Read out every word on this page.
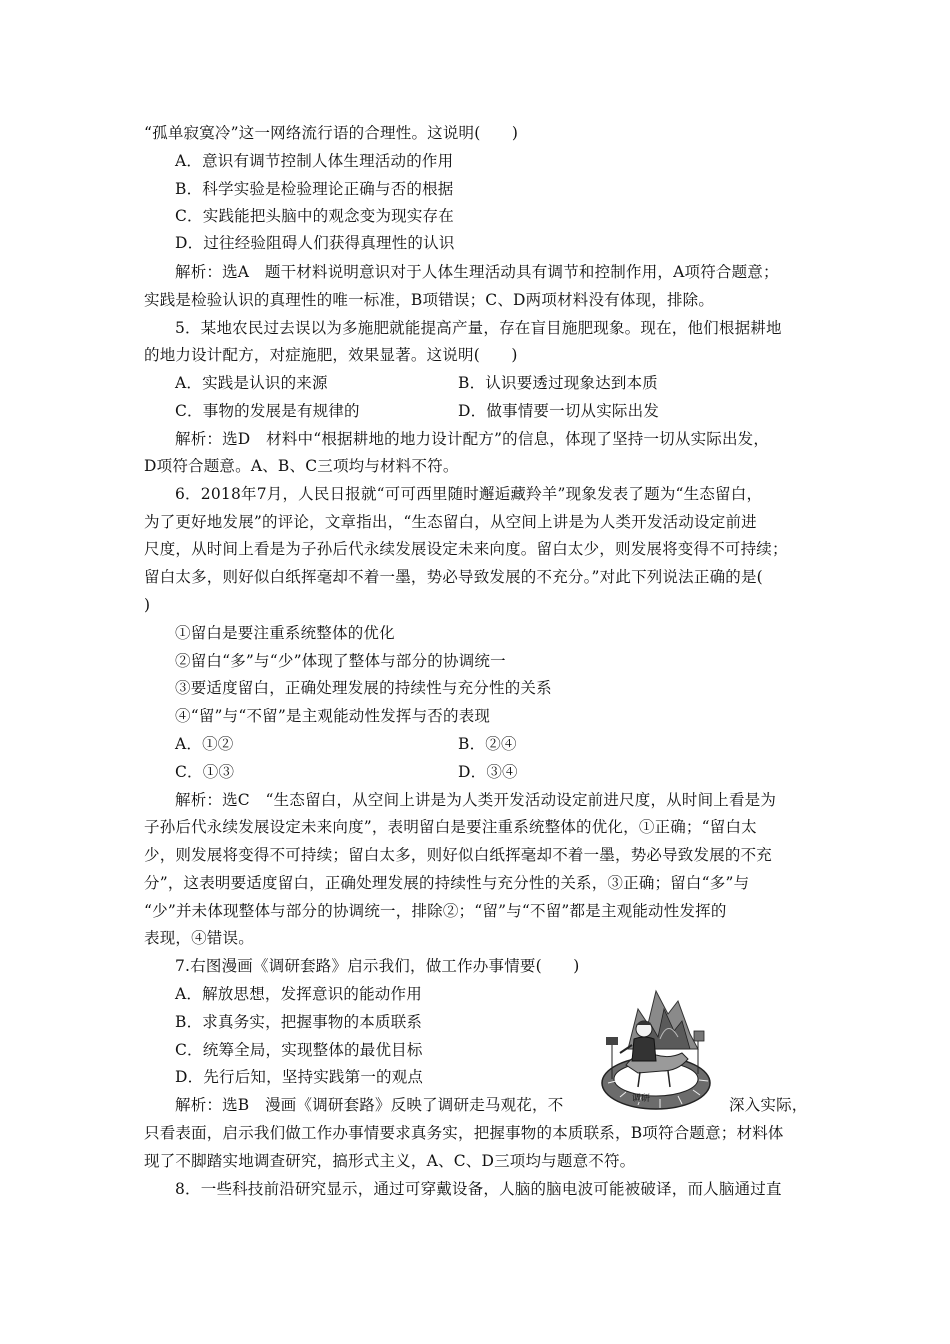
“孤单寂寞冷”这一网络流行语的合理性。这说明(　　)
A．意识有调节控制人体生理活动的作用
B．科学实验是检验理论正确与否的根据
C．实践能把头脑中的观念变为现实存在
D．过往经验阻碍人们获得真理性的认识
解析：选A　题干材料说明意识对于人体生理活动具有调节和控制作用，A项符合题意；
实践是检验认识的真理性的唯一标准，B项错误；C、D两项材料没有体现，排除。
5．某地农民过去误以为多施肥就能提高产量，存在盲目施肥现象。现在，他们根据耕地
的地力设计配方，对症施肥，效果显著。这说明(　　)
A．实践是认识的来源	B．认识要透过现象达到本质
C．事物的发展是有规律的	D．做事情要一切从实际出发
解析：选D　材料中“根据耕地的地力设计配方”的信息，体现了坚持一切从实际出发，
D项符合题意。A、B、C三项均与材料不符。
6．2018年7月，人民日报就“可可西里随时邂逅藏羚羊”现象发表了题为“生态留白，
为了更好地发展”的评论，文章指出，“生态留白，从空间上讲是为人类开发活动设定前进
尺度，从时间上看是为子孙后代永续发展设定未来向度。留白太少，则发展将变得不可持续；
留白太多，则好似白纸挥毫却不着一墨，势必导致发展的不充分。”对此下列说法正确的是(
)
①留白是要注重系统整体的优化
②留白“多”与“少”体现了整体与部分的协调统一
③要适度留白，正确处理发展的持续性与充分性的关系
④“留”与“不留”是主观能动性发挥与否的表现
A．①②	B．②④
C．①③	D．③④
解析：选C　“生态留白，从空间上讲是为人类开发活动设定前进尺度，从时间上看是为
子孙后代永续发展设定未来向度”，表明留白是要注重系统整体的优化，①正确；“留白太
少，则发展将变得不可持续；留白太多，则好似白纸挥毫却不着一墨，势必导致发展的不充
分”，这表明要适度留白，正确处理发展的持续性与充分性的关系，③正确；留白“多”与
“少”并未体现整体与部分的协调统一，排除②；“留”与“不留”都是主观能动性发挥的
表现，④错误。
7.右图漫画《调研套路》启示我们，做工作办事情要(　　)
A．解放思想，发挥意识的能动作用
B．求真务实，把握事物的本质联系
C．统筹全局，实现整体的最优目标
D．先行后知，坚持实践第一的观点
解析：选B　漫画《调研套路》反映了调研走马观花，不	深入实际，
只看表面，启示我们做工作办事情要求真务实，把握事物的本质联系，B项符合题意；材料体
现了不脚踏实地调查研究，搞形式主义，A、C、D三项均与题意不符。
8．一些科技前沿研究显示，通过可穿戴设备，人脑的脑电波可能被破译，而人脑通过直
调研
